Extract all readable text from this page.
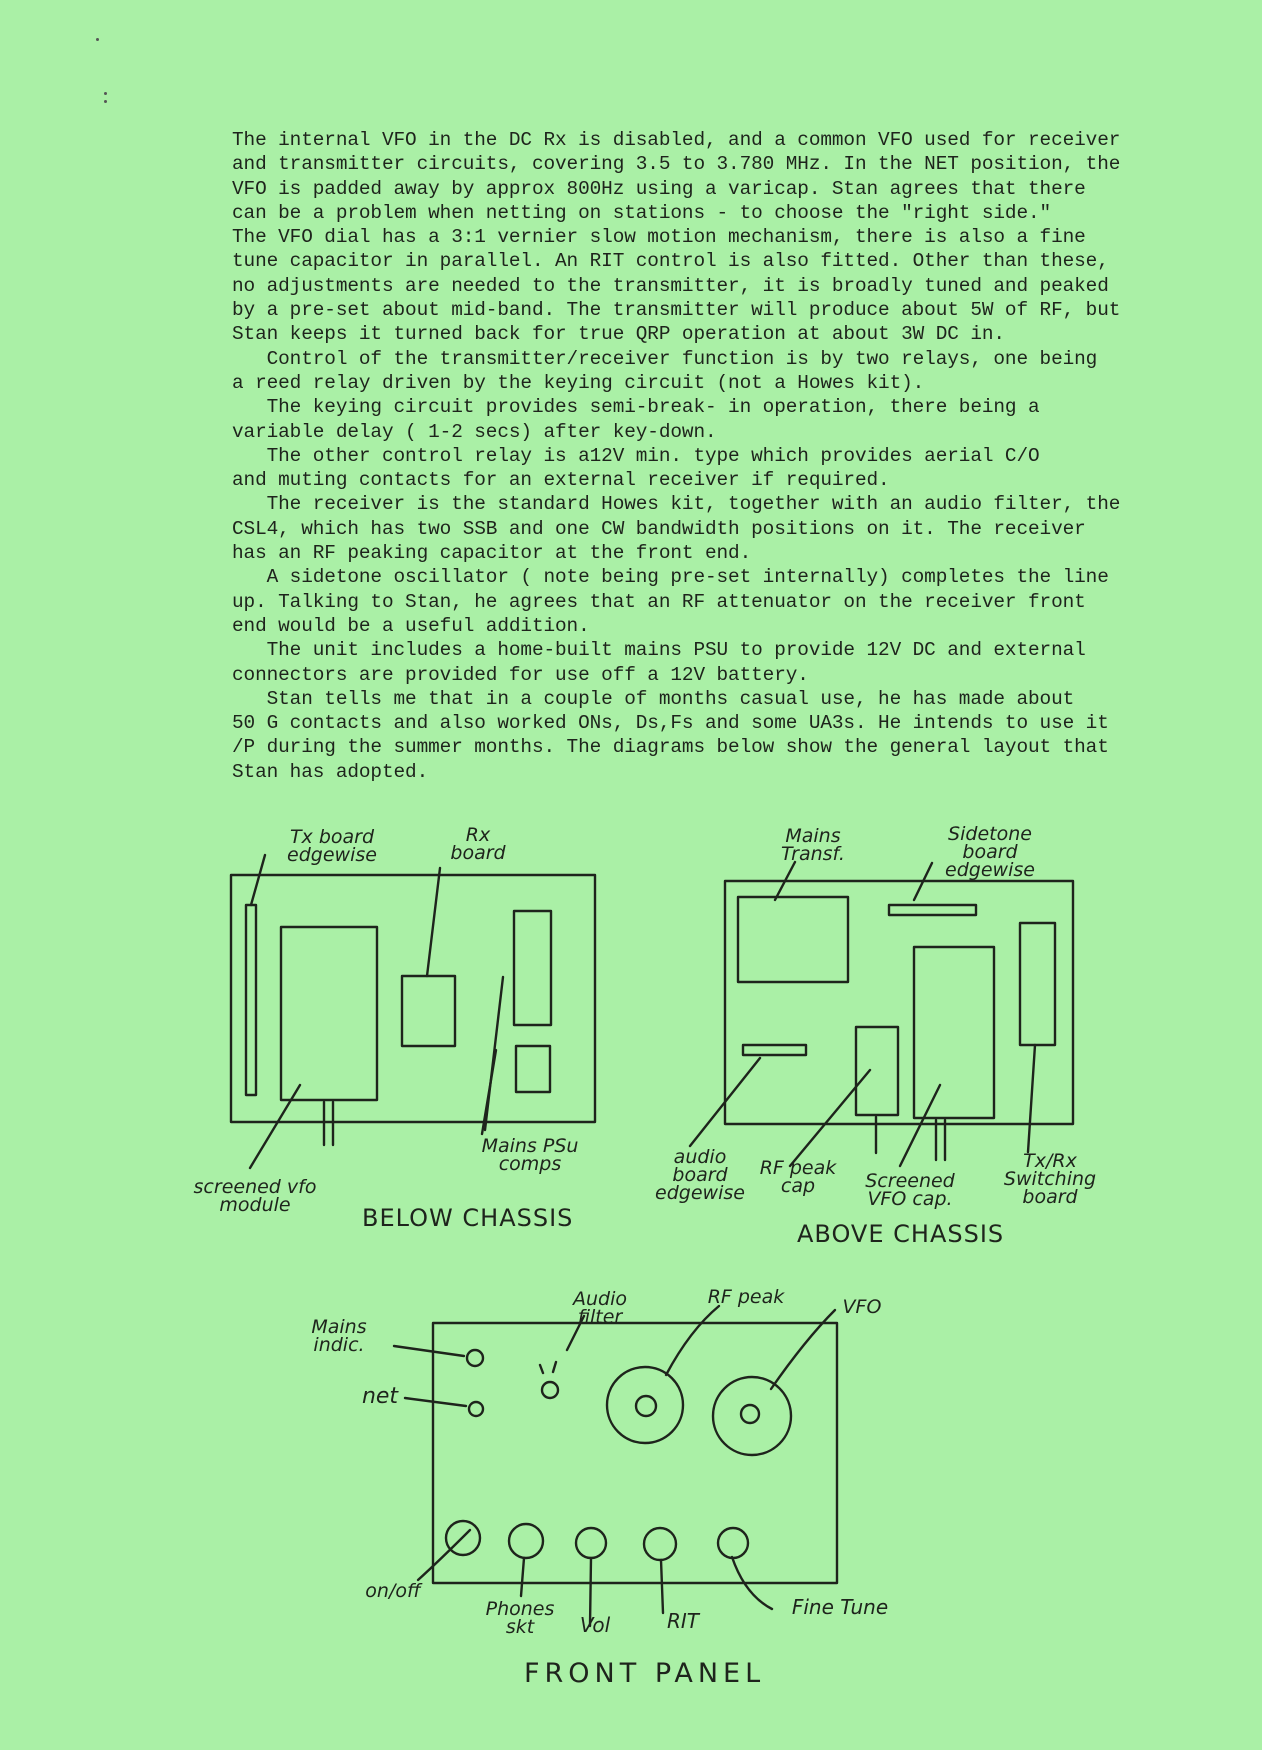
The internal VFO in the DC Rx is disabled, and a common VFO used for receiver
and transmitter circuits, covering 3.5 to 3.780 MHz. In the NET position, the
VFO is padded away by approx 800Hz using a varicap. Stan agrees that there
can be a problem when netting on stations - to choose the "right side."
The VFO dial has a 3:1 vernier slow motion mechanism, there is also a fine
tune capacitor in parallel. An RIT control is also fitted. Other than these,
no adjustments are needed to the transmitter, it is broadly tuned and peaked
by a pre-set about mid-band. The transmitter will produce about 5W of RF, but
Stan keeps it turned back for true QRP operation at about 3W DC in.
Control of the transmitter/receiver function is by two relays, one being
a reed relay driven by the keying circuit (not a Howes kit).
The keying circuit provides semi-break- in operation, there being a
variable delay ( 1-2 secs) after key-down.
The other control relay is a12V min. type which provides aerial C/O
and muting contacts for an external receiver if required.
The receiver is the standard Howes kit, together with an audio filter, the
CSL4, which has two SSB and one CW bandwidth positions on it. The receiver
has an RF peaking capacitor at the front end.
A sidetone oscillator ( note being pre-set internally) completes the line
up. Talking to Stan, he agrees that an RF attenuator on the receiver front
end would be a useful addition.
The unit includes a home-built mains PSU to provide 12V DC and external
connectors are provided for use off a 12V battery.
Stan tells me that in a couple of months casual use, he has made about
50 G contacts and also worked ONs, Ds,Fs and some UA3s. He intends to use it
/P during the summer months. The diagrams below show the general layout that
Stan has adopted.
Tx board
edgewise
Rx
board
screened vfo
module
Mains PSu
comps
BELOW CHASSIS
Mains
Transf.
Sidetone
board
edgewise
audio
board
edgewise
RF peak
cap	Screened
VFO cap.
Tx/Rx
Switching
board
ABOVE CHASSIS
Mains
indic.
net
Audio
filter
RF peak	VFO
on/off
Phones
skt	Vol	RIT
Fine Tune
FRONT PANEL
